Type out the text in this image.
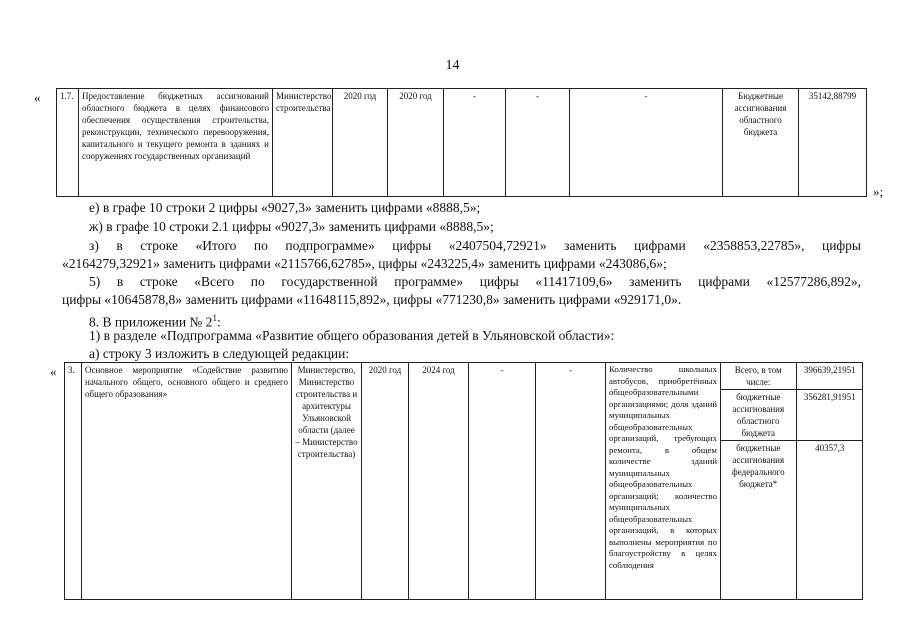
14
« 1.7.	Предоставление бюджетных ассигнований областного бюджета в целях финансового обеспечения осуществления строительства, реконструкции, технического перевооружения, капитального и текущего ремонта в зданиях и сооружениях государственных организаций	Министерство строительства	2020 год	2020 год	-	-	-	Бюджетные ассигнования областного бюджета	35142,88799
»;
е) в графе 10 строки 2 цифры «9027,3» заменить цифрами «8888,5»;
ж) в графе 10 строки 2.1 цифры «9027,3» заменить цифрами «8888,5»;
з) в строке «Итого по подпрограмме» цифры «2407504,72921» заменить цифрами «2358853,22785», цифры
«2164279,32921» заменить цифрами «2115766,62785», цифры «243225,4» заменить цифрами «243086,6»;
5) в строке «Всего по государственной программе» цифры «11417109,6» заменить цифрами «12577286,892»,
цифры «10645878,8» заменить цифрами «11648115,892», цифры «771230,8» заменить цифрами «929171,0».
8. В приложении № $2^1$:
1) в разделе «Подпрограмма «Развитие общего образования детей в Ульяновской области»:
а) строку 3 изложить в следующей редакции:
« 3.	Основное мероприятие «Содействие развитию начального общего, основного общего и среднего общего образования»	Министерство, Министерство строительства и архитектуры Ульяновской области (далее – Министерство строительства)	2020 год	2024 год	-	-	Количество школьных автобусов, приобретённых общеобразовательными организациями; доля зданий муниципальных общеобразовательных организаций, требующих ремонта, в общем количестве зданий муниципальных общеобразовательных организаций; количество муниципальных общеобразовательных организаций, в которых выполнены мероприятия по благоустройству в целях соблюдения	
Всего, в том числе:	396639,21951
бюджетные ассигнования областного бюджета	356281,91951
бюджетные ассигнования федерального бюджета*	40357,3
